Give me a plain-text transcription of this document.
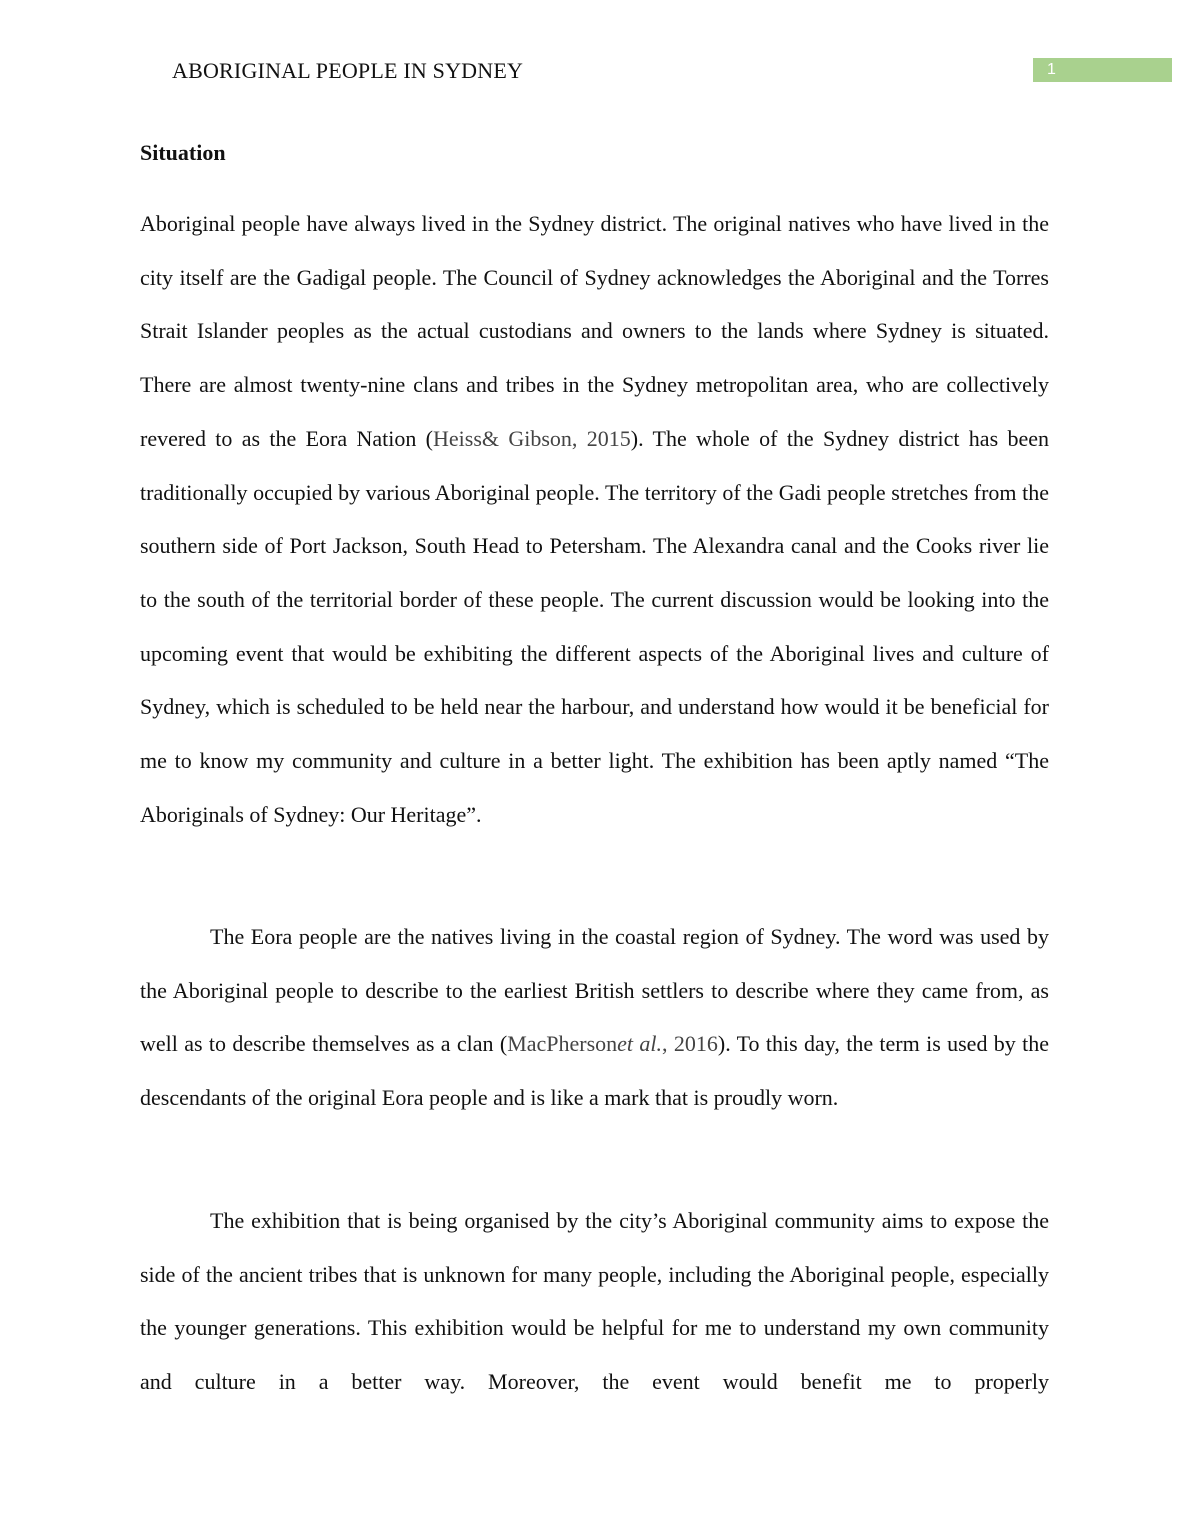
ABORIGINAL PEOPLE IN SYDNEY	1
Situation

Aboriginal people have always lived in the Sydney district. The original natives who have lived in the city itself are the Gadigal people. The Council of Sydney acknowledges the Aboriginal and the Torres Strait Islander peoples as the actual custodians and owners to the lands where Sydney is situated. There are almost twenty-nine clans and tribes in the Sydney metropolitan area, who are collectively revered to as the Eora Nation (Heiss& Gibson, 2015). The whole of the Sydney district has been traditionally occupied by various Aboriginal people. The territory of the Gadi people stretches from the southern side of Port Jackson, South Head to Petersham. The Alexandra canal and the Cooks river lie to the south of the territorial border of these people. The current discussion would be looking into the upcoming event that would be exhibiting the different aspects of the Aboriginal lives and culture of Sydney, which is scheduled to be held near the harbour, and understand how would it be beneficial for me to know my community and culture in a better light. The exhibition has been aptly named “The Aboriginals of Sydney: Our Heritage”.

The Eora people are the natives living in the coastal region of Sydney. The word was used by the Aboriginal people to describe to the earliest British settlers to describe where they came from, as well as to describe themselves as a clan (MacPhersonet al., 2016). To this day, the term is used by the descendants of the original Eora people and is like a mark that is proudly worn.

The exhibition that is being organised by the city’s Aboriginal community aims to expose the side of the ancient tribes that is unknown for many people, including the Aboriginal people, especially the younger generations. This exhibition would be helpful for me to understand my own community and culture in a better way. Moreover, the event would benefit me to properly
